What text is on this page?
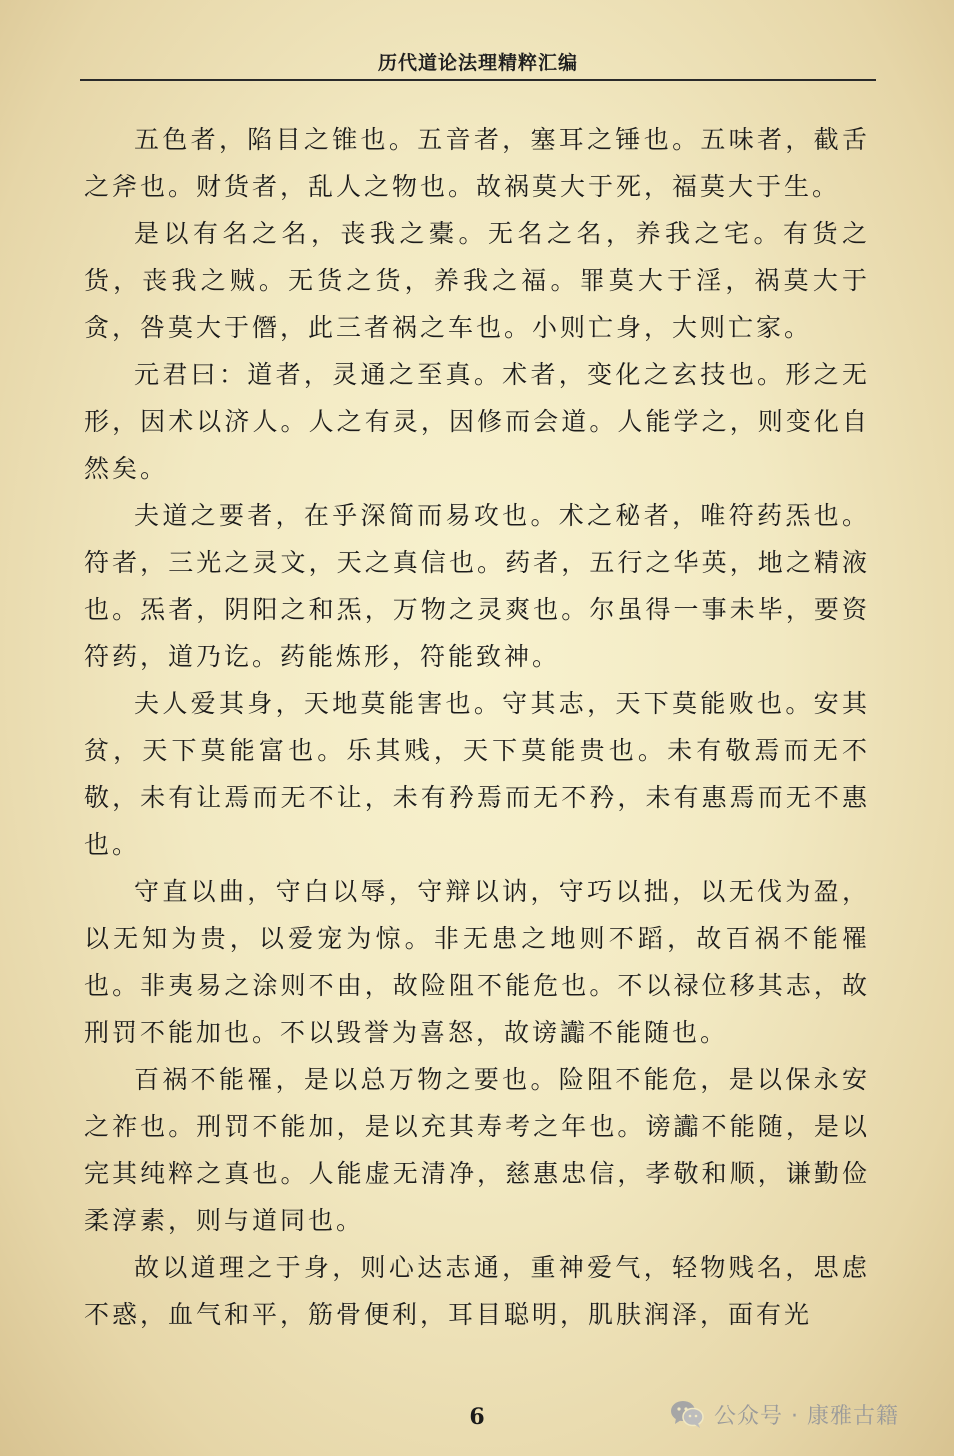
历代道论法理精粹汇编

五色者，陷目之锥也。五音者，塞耳之锤也。五味者，截舌之斧也。财货者，乱人之物也。故祸莫大于死，福莫大于生。

是以有名之名，丧我之橐。无名之名，养我之宅。有货之货，丧我之贼。无货之货，养我之福。罪莫大于淫，祸莫大于贪，咎莫大于僭，此三者祸之车也。小则亡身，大则亡家。

元君曰：道者，灵通之至真。术者，变化之玄技也。形之无形，因术以济人。人之有灵，因修而会道。人能学之，则变化自然矣。

夫道之要者，在乎深简而易攻也。术之秘者，唯符药炁也。符者，三光之灵文，天之真信也。药者，五行之华英，地之精液也。炁者，阴阳之和炁，万物之灵爽也。尔虽得一事未毕，要资符药，道乃讫。药能炼形，符能致神。

夫人爱其身，天地莫能害也。守其志，天下莫能败也。安其贫，天下莫能富也。乐其贱，天下莫能贵也。未有敬焉而无不敬，未有让焉而无不让，未有矜焉而无不矜，未有惠焉而无不惠也。

守直以曲，守白以辱，守辩以讷，守巧以拙，以无伐为盈，以无知为贵，以爱宠为惊。非无患之地则不蹈，故百祸不能罹也。非夷易之涂则不由，故险阻不能危也。不以禄位移其志，故刑罚不能加也。不以毁誉为喜怒，故谤讟不能随也。

百祸不能罹，是以总万物之要也。险阻不能危，是以保永安之祚也。刑罚不能加，是以充其寿考之年也。谤讟不能随，是以完其纯粹之真也。人能虚无清净，慈惠忠信，孝敬和顺，谦勤俭柔淳素，则与道同也。

故以道理之于身，则心达志通，重神爱气，轻物贱名，思虑不惑，血气和平，筋骨便利，耳目聪明，肌肤润泽，面有光

6	公众号 · 康雅古籍
